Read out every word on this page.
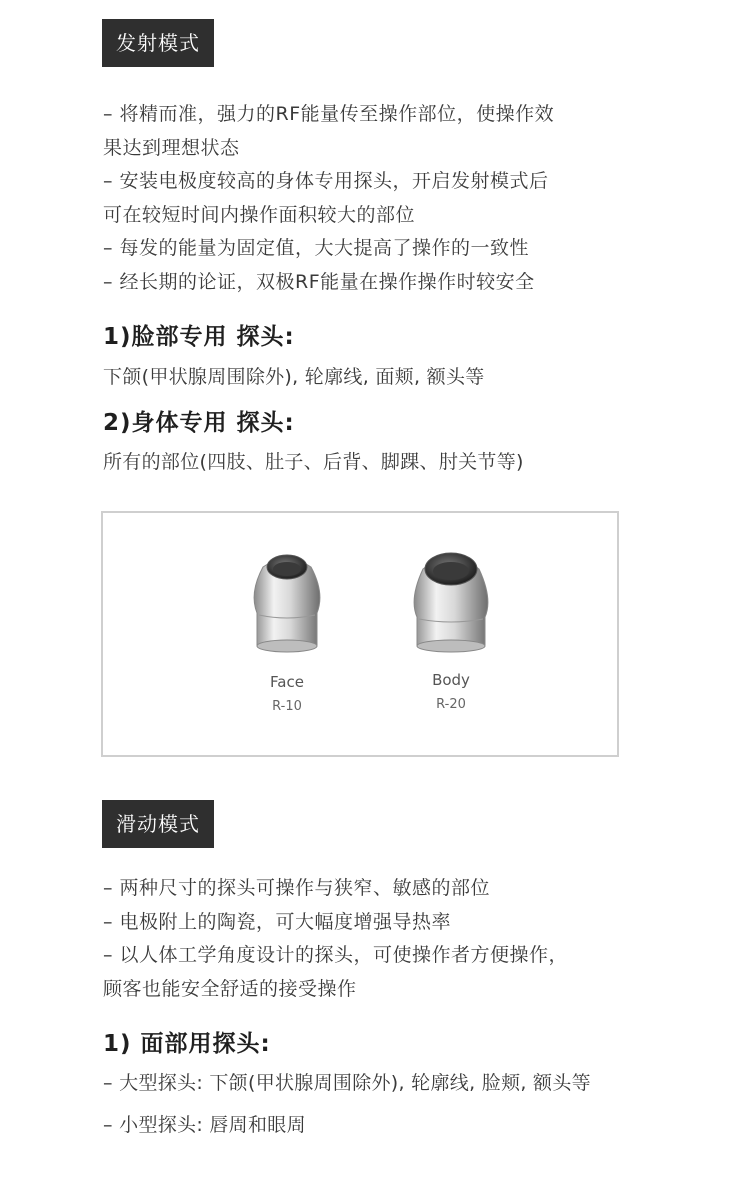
发射模式

– 将精而准，强力的RF能量传至操作部位，使操作效

果达到理想状态

– 安装电极度较高的身体专用探头，开启发射模式后

可在较短时间内操作面积较大的部位

– 每发的能量为固定值，大大提高了操作的一致性

– 经长期的论证，双极RF能量在操作操作时较安全

1)脸部专用 探头:

下颌(甲状腺周围除外), 轮廓线, 面颊, 额头等

2)身体专用 探头:

所有的部位(四肢、肚子、后背、脚踝、肘关节等)

Face
R-10
Body
R-20
滑动模式

– 两种尺寸的探头可操作与狭窄、敏感的部位

– 电极附上的陶瓷，可大幅度增强导热率

– 以人体工学角度设计的探头，可使操作者方便操作，

顾客也能安全舒适的接受操作

1) 面部用探头:

– 大型探头: 下颌(甲状腺周围除外), 轮廓线, 脸颊, 额头等

– 小型探头: 唇周和眼周
